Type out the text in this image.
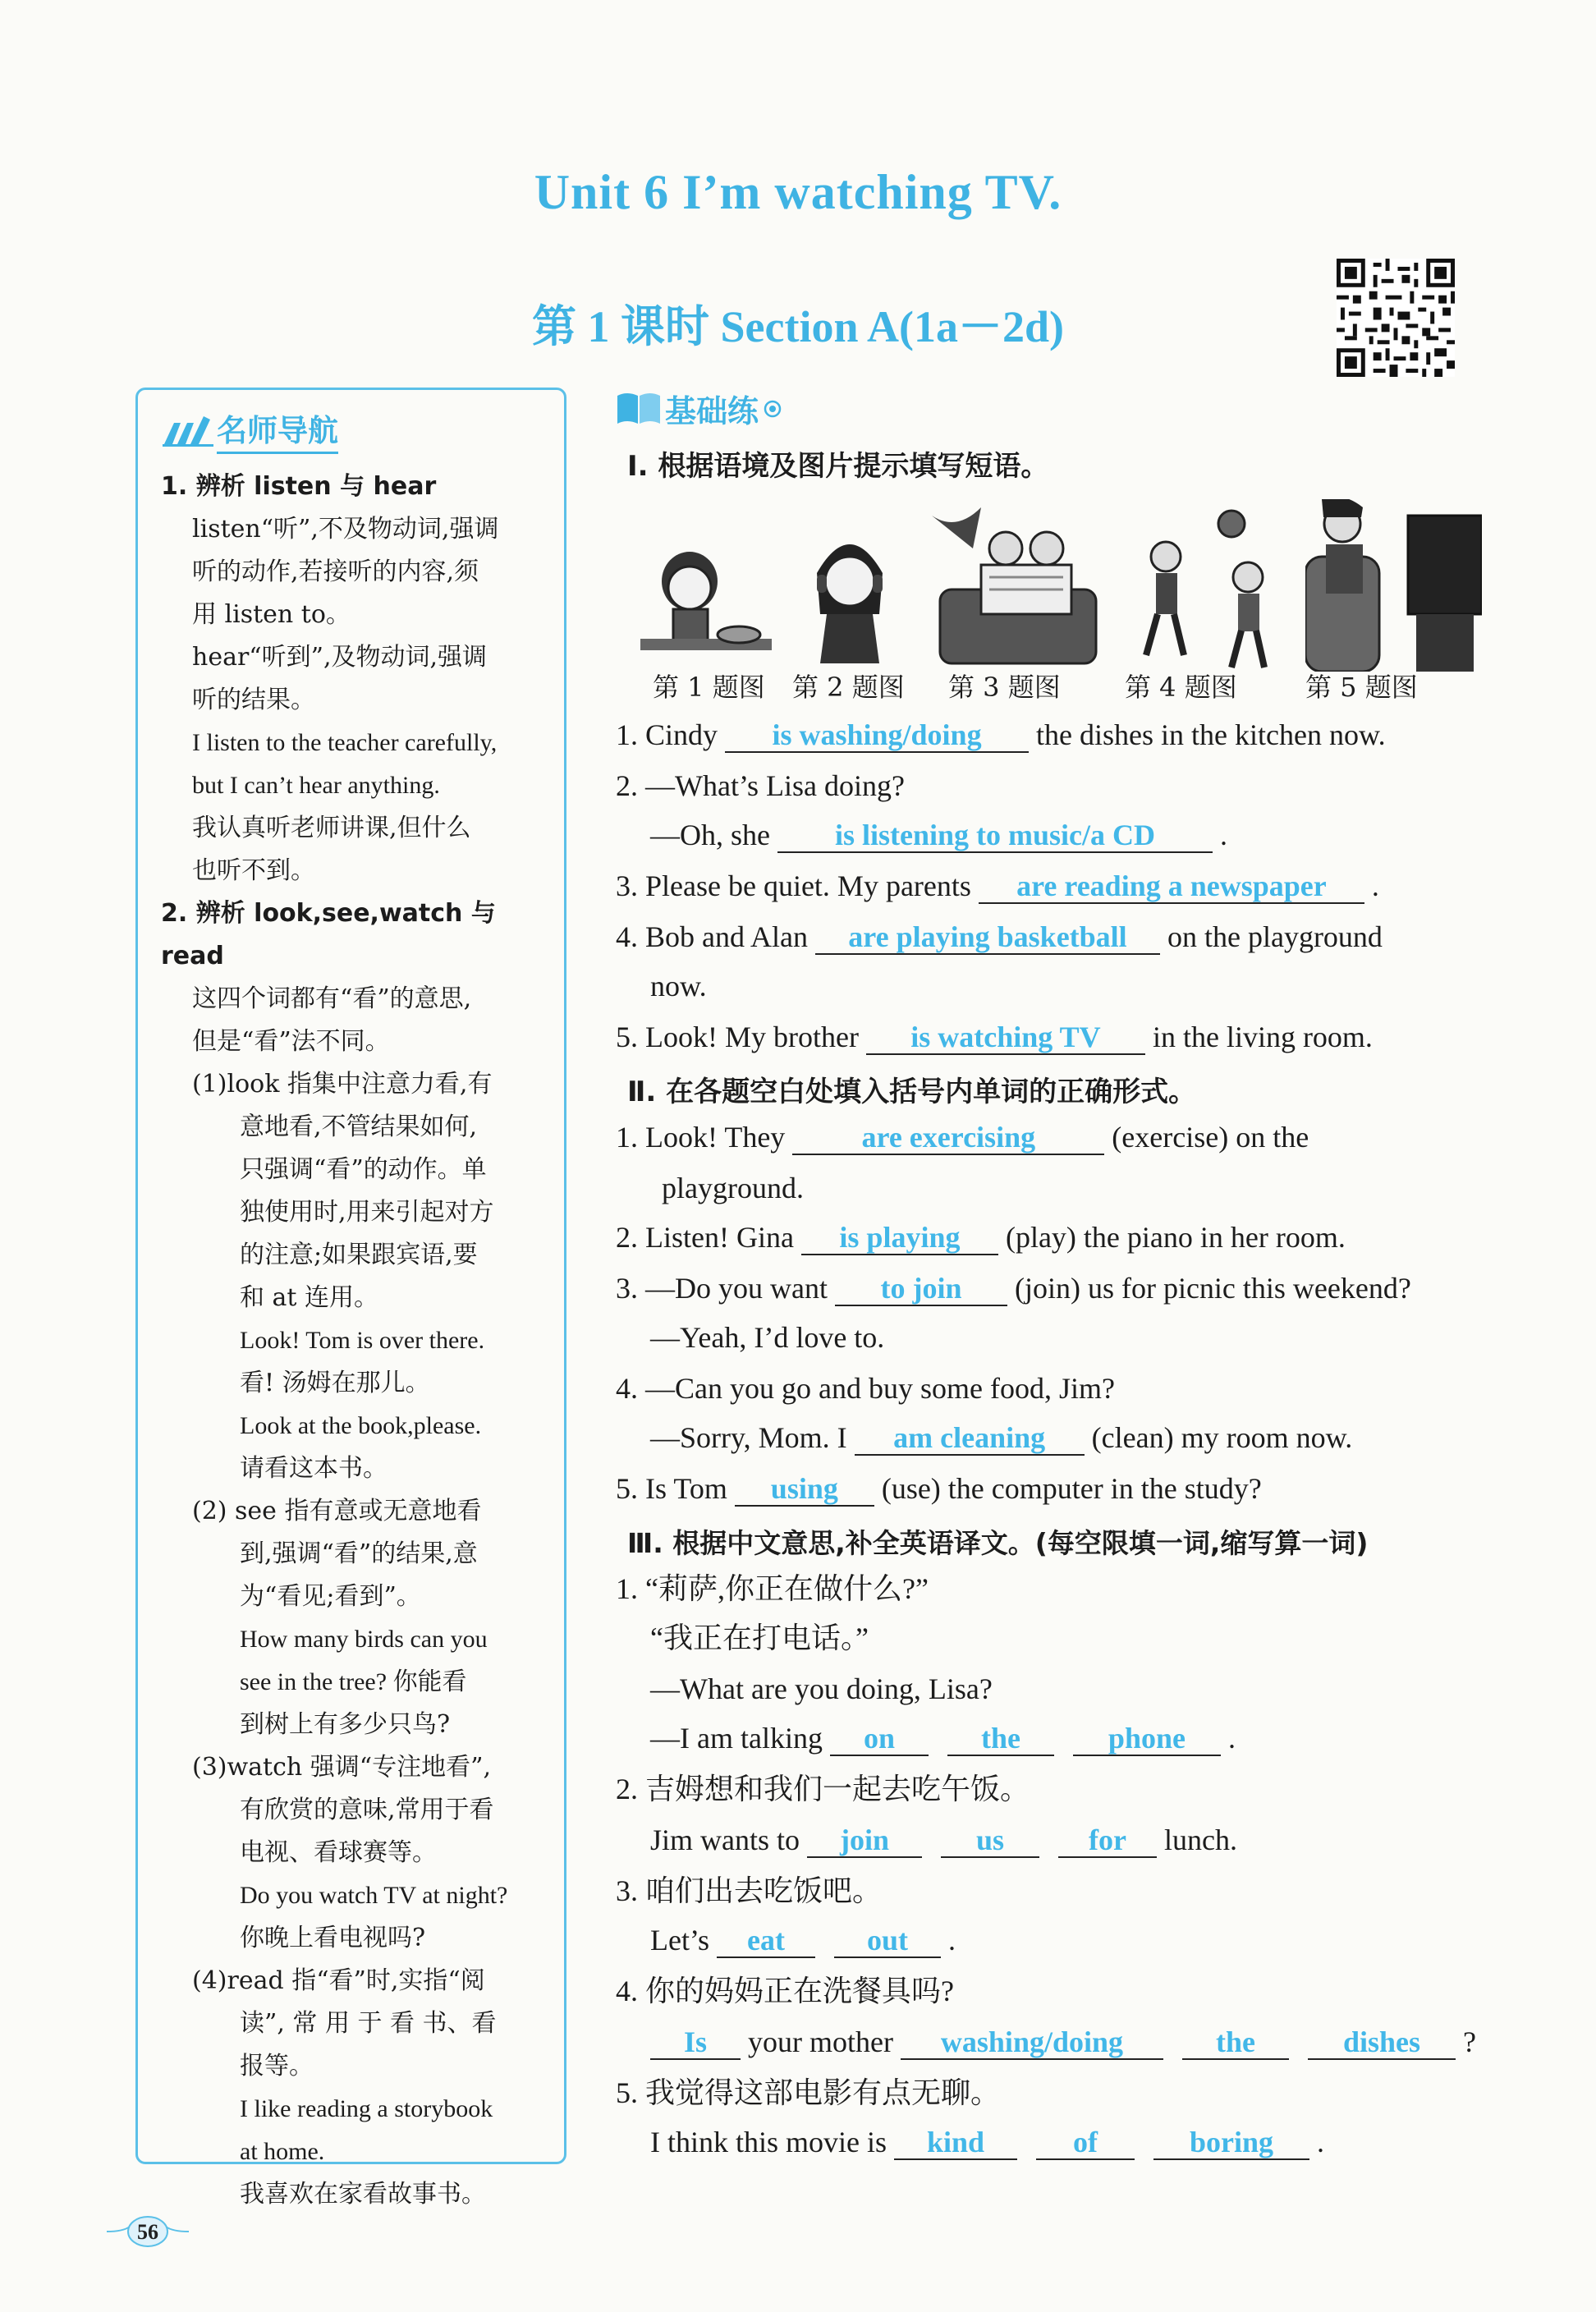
Unit 6 I’m watching TV.
第 1 课时 Section A(1a－2d)
名师导航

1. 辨析 listen 与 hear

listen“听”,不及物动词,强调

听的动作,若接听的内容,须

用 listen to。

hear“听到”,及物动词,强调

听的结果。

I listen to the teacher carefully,

but I can’t hear anything.

我认真听老师讲课,但什么

也听不到。

2. 辨析 look,see,watch 与 read

这四个词都有“看”的意思,

但是“看”法不同。

(1)look 指集中注意力看,有

意地看,不管结果如何,

只强调“看”的动作。单

独使用时,用来引起对方

的注意;如果跟宾语,要

和 at 连用。

Look! Tom is over there.

看! 汤姆在那儿。

Look at the book,please.

请看这本书。

(2) see 指有意或无意地看

到,强调“看”的结果,意

为“看见;看到”。

How many birds can you

see in the tree? 你能看

到树上有多少只鸟?

(3)watch 强调“专注地看”,

有欣赏的意味,常用于看

电视、看球赛等。

Do you watch TV at night?

你晚上看电视吗?

(4)read 指“看”时,实指“阅

读”, 常 用 于 看 书、看

报等。

I like reading a storybook

at home.

我喜欢在家看故事书。

基础练
Ⅰ. 根据语境及图片提示填写短语。
第 1 题图 第 2 题图 第 3 题图 第 4 题图	第 5 题图
1. Cindy is washing/doing the dishes in the kitchen now.
2. —What’s Lisa doing?
—Oh, she is listening to music/a CD .
3. Please be quiet. My parents are reading a newspaper .
4. Bob and Alan are playing basketball on the playground
now.
5. Look! My brother is watching TV in the living room.
Ⅱ. 在各题空白处填入括号内单词的正确形式。
1. Look! They	are exercising	(exercise) on the
playground.
2. Listen! Gina is playing (play) the piano in her room.
3. —Do you want to join (join) us for picnic this weekend?
—Yeah, I’d love to.
4. —Can you go and buy some food, Jim?
—Sorry, Mom. I am cleaning (clean) my room now.
5. Is Tom using (use) the computer in the study?
Ⅲ. 根据中文意思,补全英语译文。(每空限填一词,缩写算一词)
1. “莉萨,你正在做什么?”
“我正在打电话。”
—What are you doing, Lisa?
—I am talking on	the	phone .
2. 吉姆想和我们一起去吃午饭。
Jim wants to join	us	for lunch.
3. 咱们出去吃饭吧。
Let’s eat	out .
4. 你的妈妈正在洗餐具吗?
Is your mother washing/doing	the	dishes ?
5. 我觉得这部电影有点无聊。
I think this movie is kind	of	boring .
56
